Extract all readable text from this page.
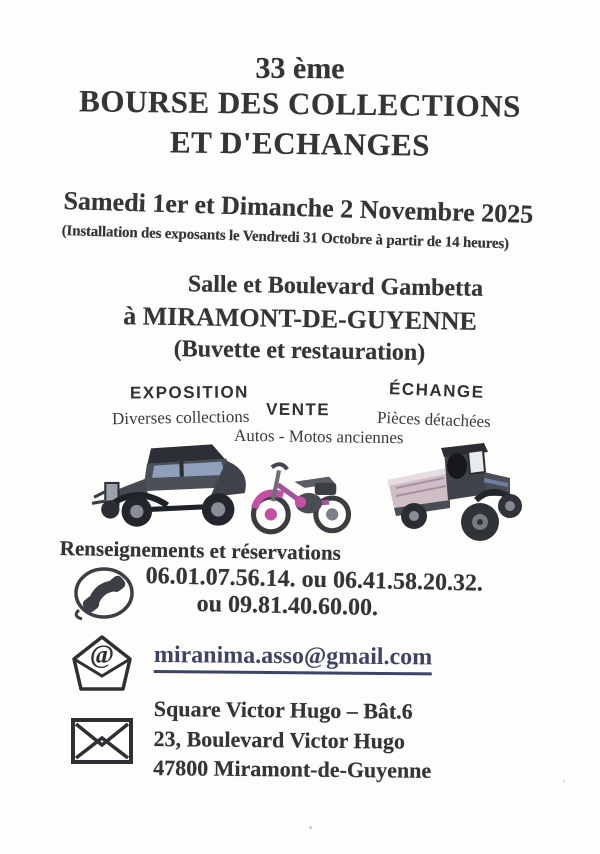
33 ème
BOURSE DES COLLECTIONS
ET D'ECHANGES
Samedi 1er et Dimanche 2 Novembre 2025
(Installation des exposants le Vendredi 31 Octobre à partir de 14 heures)
Salle et Boulevard Gambetta
à MIRAMONT-DE-GUYENNE
(Buvette et restauration)
EXPOSITION
Diverses collections VENTE
Autos - Motos anciennes
ÉCHANGE
Pièces détachées
Renseignements et réservations
06.01.07.56.14. ou 06.41.58.20.32.
ou 09.81.40.60.00.
@ miranima.asso@gmail.com
Square Victor Hugo – Bât.6
23, Boulevard Victor Hugo
47800 Miramont-de-Guyenne
